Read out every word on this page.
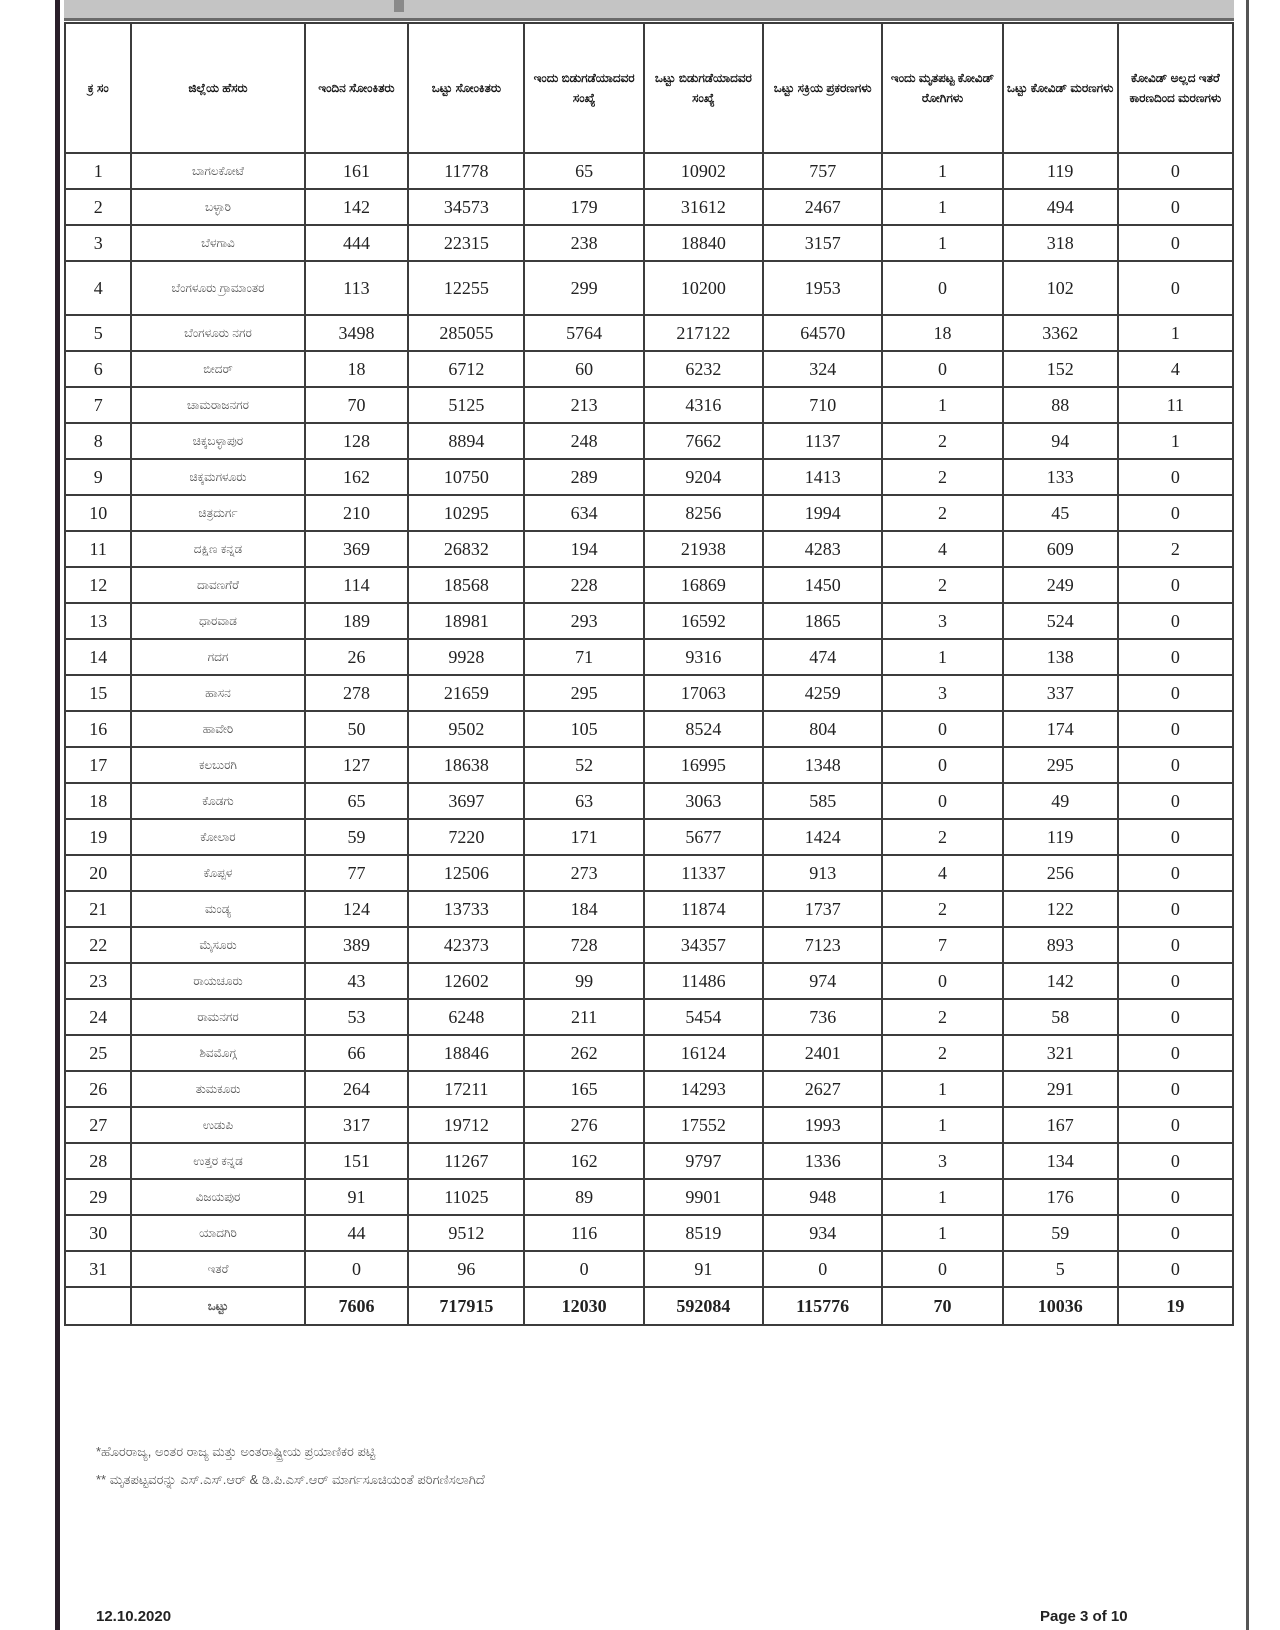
ಕ್ರ ಸಂ	ಜಿಲ್ಲೆಯ ಹೆಸರು	ಇಂದಿನ ಸೋಂಕಿತರು	ಒಟ್ಟು ಸೋಂಕಿತರು	ಇಂದು ಬಿಡುಗಡೆಯಾದವರ ಸಂಖ್ಯೆ	ಒಟ್ಟು ಬಿಡುಗಡೆಯಾದವರ ಸಂಖ್ಯೆ	ಒಟ್ಟು ಸಕ್ರಿಯ ಪ್ರಕರಣಗಳು	ಇಂದು ಮೃತಪಟ್ಟ ಕೋವಿಡ್ ರೋಗಿಗಳು	ಒಟ್ಟು ಕೋವಿಡ್ ಮರಣಗಳು	ಕೋವಿಡ್ ಅಲ್ಲದ ಇತರೆ ಕಾರಣದಿಂದ ಮರಣಗಳು
1	ಬಾಗಲಕೋಟೆ	161	11778	65	10902	757	1	119	0
2	ಬಳ್ಳಾರಿ	142	34573	179	31612	2467	1	494	0
3	ಬೆಳಗಾವಿ	444	22315	238	18840	3157	1	318	0
4	ಬೆಂಗಳೂರು ಗ್ರಾಮಾಂತರ	113	12255	299	10200	1953	0	102	0
5	ಬೆಂಗಳೂರು ನಗರ	3498	285055	5764	217122	64570	18	3362	1
6	ಬೀದರ್	18	6712	60	6232	324	0	152	4
7	ಚಾಮರಾಜನಗರ	70	5125	213	4316	710	1	88	11
8	ಚಿಕ್ಕಬಳ್ಳಾಪುರ	128	8894	248	7662	1137	2	94	1
9	ಚಿಕ್ಕಮಗಳೂರು	162	10750	289	9204	1413	2	133	0
10	ಚಿತ್ರದುರ್ಗ	210	10295	634	8256	1994	2	45	0
11	ದಕ್ಷಿಣ ಕನ್ನಡ	369	26832	194	21938	4283	4	609	2
12	ದಾವಣಗೆರೆ	114	18568	228	16869	1450	2	249	0
13	ಧಾರವಾಡ	189	18981	293	16592	1865	3	524	0
14	ಗದಗ	26	9928	71	9316	474	1	138	0
15	ಹಾಸನ	278	21659	295	17063	4259	3	337	0
16	ಹಾವೇರಿ	50	9502	105	8524	804	0	174	0
17	ಕಲಬುರಗಿ	127	18638	52	16995	1348	0	295	0
18	ಕೊಡಗು	65	3697	63	3063	585	0	49	0
19	ಕೋಲಾರ	59	7220	171	5677	1424	2	119	0
20	ಕೊಪ್ಪಳ	77	12506	273	11337	913	4	256	0
21	ಮಂಡ್ಯ	124	13733	184	11874	1737	2	122	0
22	ಮೈಸೂರು	389	42373	728	34357	7123	7	893	0
23	ರಾಯಚೂರು	43	12602	99	11486	974	0	142	0
24	ರಾಮನಗರ	53	6248	211	5454	736	2	58	0
25	ಶಿವಮೊಗ್ಗ	66	18846	262	16124	2401	2	321	0
26	ತುಮಕೂರು	264	17211	165	14293	2627	1	291	0
27	ಉಡುಪಿ	317	19712	276	17552	1993	1	167	0
28	ಉತ್ತರ ಕನ್ನಡ	151	11267	162	9797	1336	3	134	0
29	ವಿಜಯಪುರ	91	11025	89	9901	948	1	176	0
30	ಯಾದಗಿರಿ	44	9512	116	8519	934	1	59	0
31	ಇತರೆ	0	96	0	91	0	0	5	0
	ಒಟ್ಟು	7606	717915	12030	592084	115776	70	10036	19
*ಹೊರರಾಜ್ಯ, ಅಂತರ ರಾಜ್ಯ ಮತ್ತು ಅಂತರಾಷ್ಟ್ರೀಯ ಪ್ರಯಾಣಿಕರ ಪಟ್ಟಿ
** ಮೃತಪಟ್ಟವರನ್ನು ಎಸ್.ಎಸ್.ಆರ್ & ಡಿ.ಪಿ.ಎಸ್.ಆರ್ ಮಾರ್ಗಸೂಚಿಯಂತೆ ಪರಿಗಣಿಸಲಾಗಿದೆ
12.10.2020	Page 3 of 10
